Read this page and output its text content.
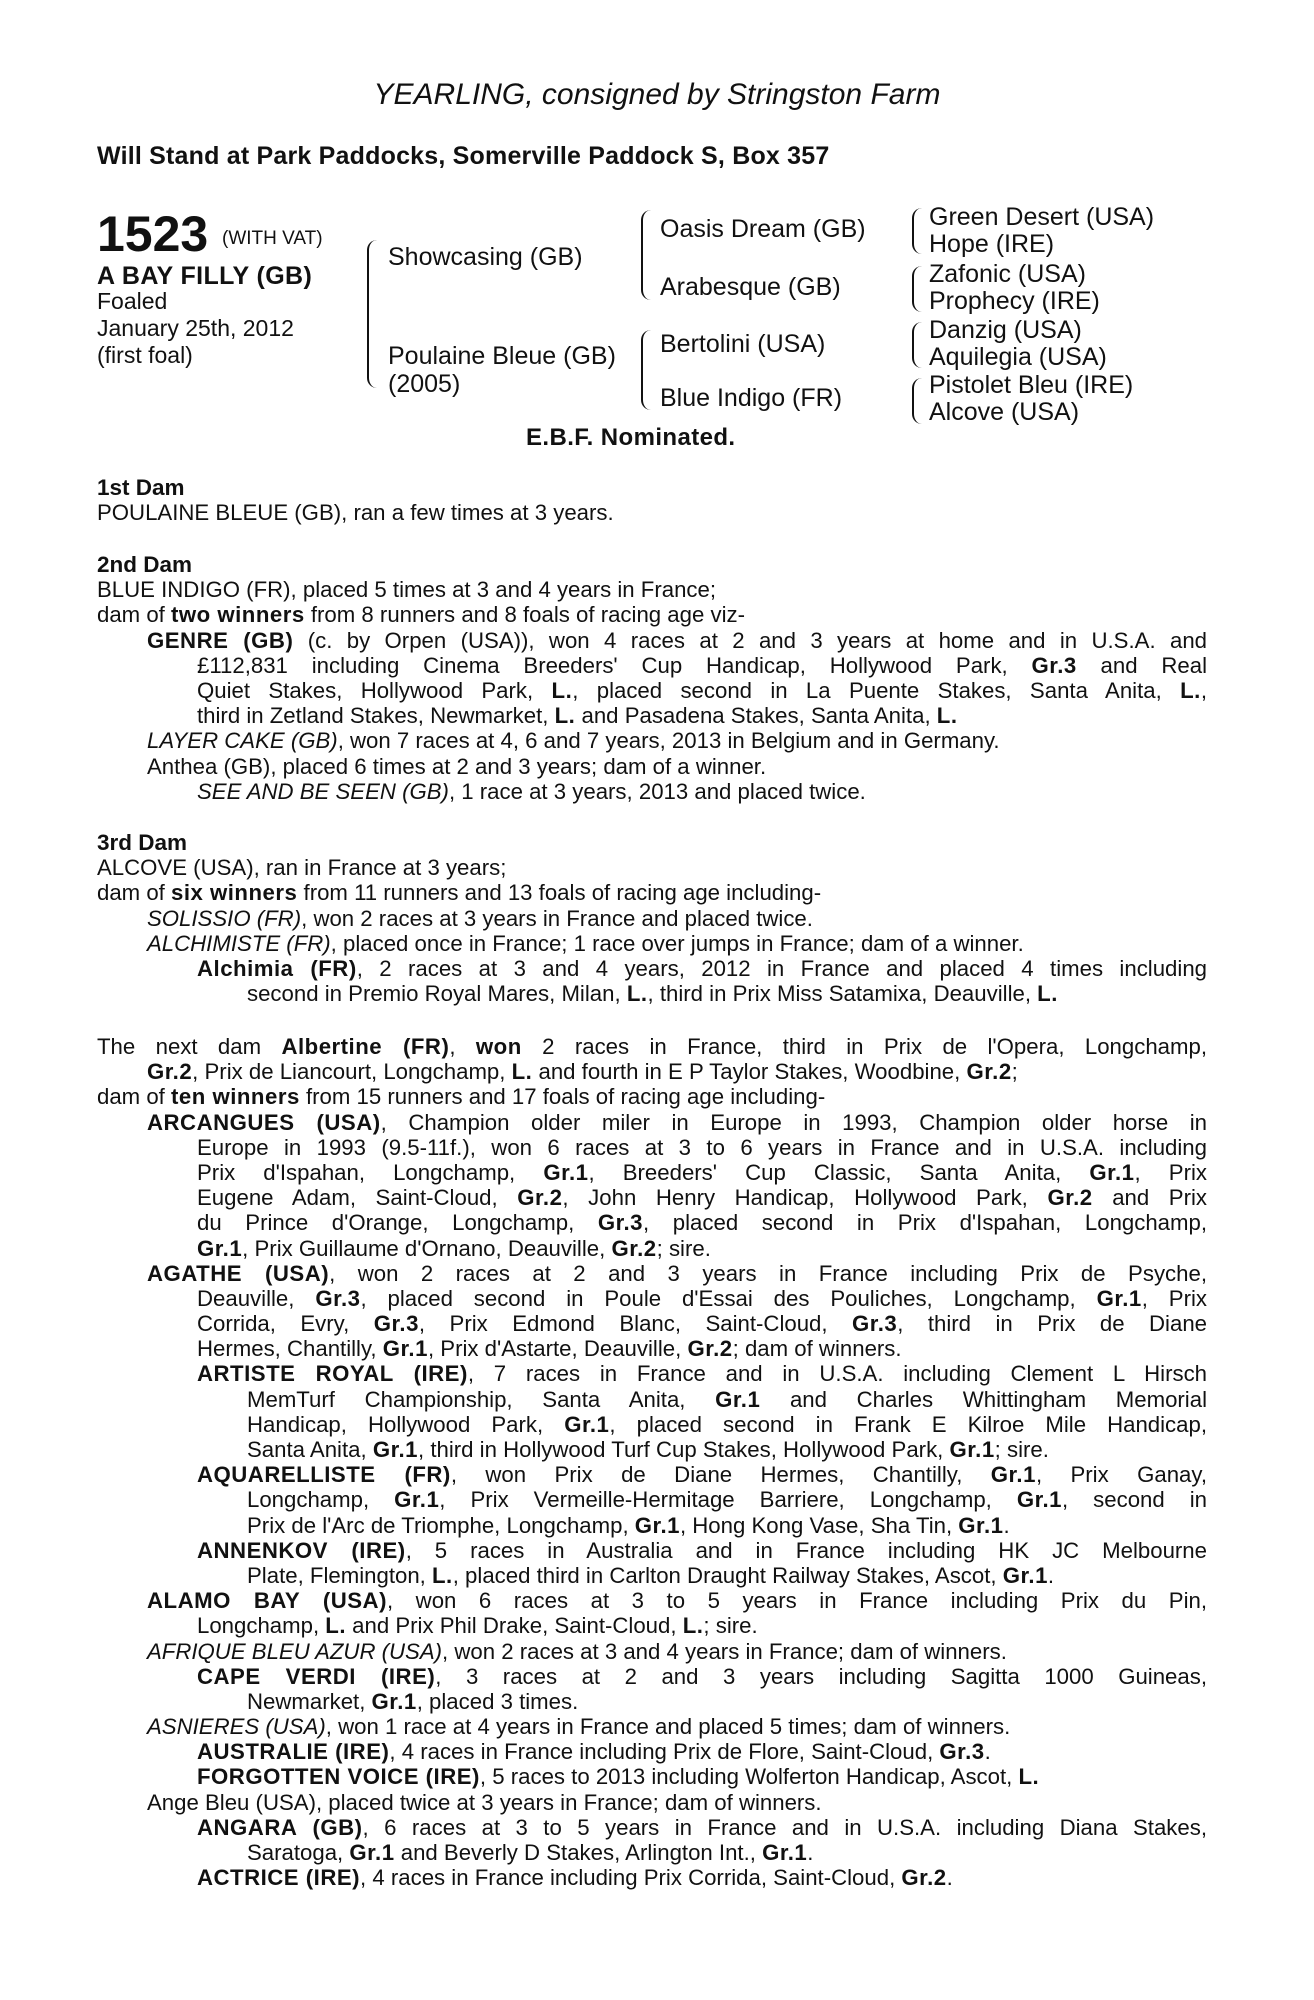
YEARLING, consigned by Stringston Farm
Will Stand at Park Paddocks, Somerville Paddock S, Box 357
1523 (WITH VAT)
A BAY FILLY (GB)
Foaled
January 25th, 2012
(first foal)
Showcasing (GB)
Poulaine Bleue (GB)
(2005)
Oasis Dream (GB)
Arabesque (GB)
Bertolini (USA)
Blue Indigo (FR)
Green Desert (USA)
Hope (IRE)
Zafonic (USA)
Prophecy (IRE)
Danzig (USA)
Aquilegia (USA)
Pistolet Bleu (IRE)
Alcove (USA)
E.B.F. Nominated.
1st Dam
POULAINE BLEUE (GB), ran a few times at 3 years.
2nd Dam
BLUE INDIGO (FR), placed 5 times at 3 and 4 years in France;
dam of two winners from 8 runners and 8 foals of racing age viz-
GENRE (GB) (c. by Orpen (USA)), won 4 races at 2 and 3 years at home and in U.S.A. and
£112,831 including Cinema Breeders' Cup Handicap, Hollywood Park, Gr.3 and Real
Quiet Stakes, Hollywood Park, L., placed second in La Puente Stakes, Santa Anita, L.,
third in Zetland Stakes, Newmarket, L. and Pasadena Stakes, Santa Anita, L.
LAYER CAKE (GB), won 7 races at 4, 6 and 7 years, 2013 in Belgium and in Germany.
Anthea (GB), placed 6 times at 2 and 3 years; dam of a winner.
SEE AND BE SEEN (GB), 1 race at 3 years, 2013 and placed twice.
3rd Dam
ALCOVE (USA), ran in France at 3 years;
dam of six winners from 11 runners and 13 foals of racing age including-
SOLISSIO (FR), won 2 races at 3 years in France and placed twice.
ALCHIMISTE (FR), placed once in France; 1 race over jumps in France; dam of a winner.
Alchimia (FR), 2 races at 3 and 4 years, 2012 in France and placed 4 times including
second in Premio Royal Mares, Milan, L., third in Prix Miss Satamixa, Deauville, L.
The next dam Albertine (FR), won 2 races in France, third in Prix de l'Opera, Longchamp,
Gr.2, Prix de Liancourt, Longchamp, L. and fourth in E P Taylor Stakes, Woodbine, Gr.2;
dam of ten winners from 15 runners and 17 foals of racing age including-
ARCANGUES (USA), Champion older miler in Europe in 1993, Champion older horse in
Europe in 1993 (9.5-11f.), won 6 races at 3 to 6 years in France and in U.S.A. including
Prix d'Ispahan, Longchamp, Gr.1, Breeders' Cup Classic, Santa Anita, Gr.1, Prix
Eugene Adam, Saint-Cloud, Gr.2, John Henry Handicap, Hollywood Park, Gr.2 and Prix
du Prince d'Orange, Longchamp, Gr.3, placed second in Prix d'Ispahan, Longchamp,
Gr.1, Prix Guillaume d'Ornano, Deauville, Gr.2; sire.
AGATHE (USA), won 2 races at 2 and 3 years in France including Prix de Psyche,
Deauville, Gr.3, placed second in Poule d'Essai des Pouliches, Longchamp, Gr.1, Prix
Corrida, Evry, Gr.3, Prix Edmond Blanc, Saint-Cloud, Gr.3, third in Prix de Diane
Hermes, Chantilly, Gr.1, Prix d'Astarte, Deauville, Gr.2; dam of winners.
ARTISTE ROYAL (IRE), 7 races in France and in U.S.A. including Clement L Hirsch
MemTurf Championship, Santa Anita, Gr.1 and Charles Whittingham Memorial
Handicap, Hollywood Park, Gr.1, placed second in Frank E Kilroe Mile Handicap,
Santa Anita, Gr.1, third in Hollywood Turf Cup Stakes, Hollywood Park, Gr.1; sire.
AQUARELLISTE (FR), won Prix de Diane Hermes, Chantilly, Gr.1, Prix Ganay,
Longchamp, Gr.1, Prix Vermeille-Hermitage Barriere, Longchamp, Gr.1, second in
Prix de l'Arc de Triomphe, Longchamp, Gr.1, Hong Kong Vase, Sha Tin, Gr.1.
ANNENKOV (IRE), 5 races in Australia and in France including HK JC Melbourne
Plate, Flemington, L., placed third in Carlton Draught Railway Stakes, Ascot, Gr.1.
ALAMO BAY (USA), won 6 races at 3 to 5 years in France including Prix du Pin,
Longchamp, L. and Prix Phil Drake, Saint-Cloud, L.; sire.
AFRIQUE BLEU AZUR (USA), won 2 races at 3 and 4 years in France; dam of winners.
CAPE VERDI (IRE), 3 races at 2 and 3 years including Sagitta 1000 Guineas,
Newmarket, Gr.1, placed 3 times.
ASNIERES (USA), won 1 race at 4 years in France and placed 5 times; dam of winners.
AUSTRALIE (IRE), 4 races in France including Prix de Flore, Saint-Cloud, Gr.3.
FORGOTTEN VOICE (IRE), 5 races to 2013 including Wolferton Handicap, Ascot, L.
Ange Bleu (USA), placed twice at 3 years in France; dam of winners.
ANGARA (GB), 6 races at 3 to 5 years in France and in U.S.A. including Diana Stakes,
Saratoga, Gr.1 and Beverly D Stakes, Arlington Int., Gr.1.
ACTRICE (IRE), 4 races in France including Prix Corrida, Saint-Cloud, Gr.2.
